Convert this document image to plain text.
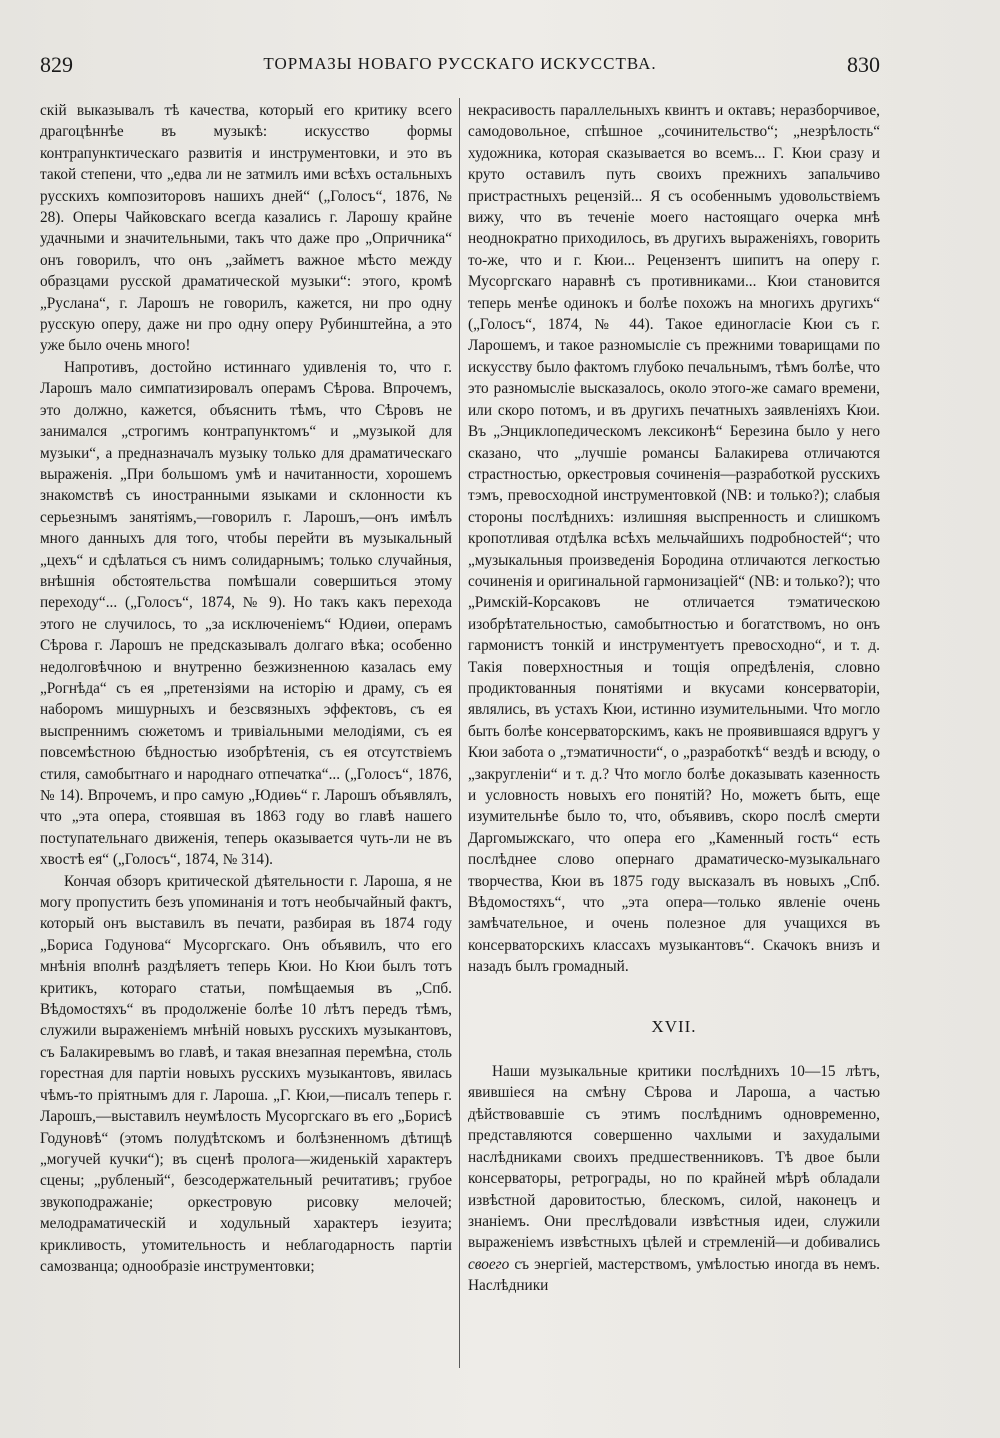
829	ТОРМАЗЫ НОВАГО РУССКАГО ИСКУССТВА.	830

скій выказывалъ тѣ качества, который его критику всего драгоцѣннѣе въ музыкѣ: искусство формы контрапунктическаго развитія и инструментовки, и это въ такой степени, что „едва ли не затмилъ ими всѣхъ остальныхъ русскихъ композиторовъ нашихъ дней“ („Голосъ“, 1876, № 28). Оперы Чайковскаго всегда казались г. Ларошу крайне удачными и значительными, такъ что даже про „Опричника“ онъ говорилъ, что онъ „займетъ важное мѣсто между образцами русской драматической музыки“: этого, кромѣ „Руслана“, г. Ларошъ не говорилъ, кажется, ни про одну русскую оперу, даже ни про одну оперу Рубинштейна, а это уже было очень много!

Напротивъ, достойно истиннаго удивленія то, что г. Ларошъ мало симпатизировалъ операмъ Сѣрова. Впрочемъ, это должно, кажется, объяснить тѣмъ, что Сѣровъ не занимался „строгимъ контрапунктомъ“ и „музыкой для музыки“, а предназначалъ музыку только для драматическаго выраженія. „При большомъ умѣ и начитанности, хорошемъ знакомствѣ съ иностранными языками и склонности къ серьезнымъ занятіямъ,—говорилъ г. Ларошъ,—онъ имѣлъ много данныхъ для того, чтобы перейти въ музыкальный „цехъ“ и сдѣлаться съ нимъ солидарнымъ; только случайныя, внѣшнія обстоятельства помѣшали совершиться этому переходу“... („Голосъ“, 1874, № 9). Но такъ какъ перехода этого не случилось, то „за исключеніемъ“ Юдиѳи, операмъ Сѣрова г. Ларошъ не предсказывалъ долгаго вѣка; особенно недолговѣчною и внутренно безжизненною казалась ему „Рогнѣда“ съ ея „претензіями на исторію и драму, съ ея наборомъ мишурныхъ и безсвязныхъ эффектовъ, съ ея выспреннимъ сюжетомъ и тривіальными мелодіями, съ ея повсемѣстною бѣдностью изобрѣтенія, съ ея отсутствіемъ стиля, самобытнаго и народнаго отпечатка“... („Голосъ“, 1876, № 14). Впрочемъ, и про самую „Юдиѳь“ г. Ларошъ объявлялъ, что „эта опера, стоявшая въ 1863 году во главѣ нашего поступательнаго движенія, теперь оказывается чуть-ли не въ хвостѣ ея“ („Голосъ“, 1874, № 314).

Кончая обзоръ критической дѣятельности г. Лароша, я не могу пропустить безъ упоминанія и тотъ необычайный фактъ, который онъ выставилъ въ печати, разбирая въ 1874 году „Бориса Годунова“ Мусоргскаго. Онъ объявилъ, что его мнѣнія вполнѣ раздѣляетъ теперь Кюи. Но Кюи былъ тотъ критикъ, котораго статьи, помѣщаемыя въ „Спб. Вѣдомостяхъ“ въ продолженіе болѣе 10 лѣтъ передъ тѣмъ, служили выраженіемъ мнѣній новыхъ русскихъ музыкантовъ, съ Балакиревымъ во главѣ, и такая внезапная перемѣна, столь горестная для партіи новыхъ русскихъ музыкантовъ, явилась чѣмъ-то пріятнымъ для г. Лароша. „Г. Кюи,—писалъ теперь г. Ларошъ,—выставилъ неумѣлость Мусоргскаго въ его „Борисѣ Годуновѣ“ (этомъ полудѣтскомъ и болѣзненномъ дѣтищѣ „могучей кучки“); въ сценѣ пролога—жиденькій характеръ сцены; „рубленый“, безсодержательный речитативъ; грубое звукоподражаніе; оркестровую рисовку мелочей; мелодраматическій и ходульный характеръ іезуита; крикливость, утомительность и неблагодарность партіи самозванца; однообразіе инструментовки;

некрасивость параллельныхъ квинтъ и октавъ; неразборчивое, самодовольное, спѣшное „сочинительство“; „незрѣлость“ художника, которая сказывается во всемъ... Г. Кюи сразу и круто оставилъ путь своихъ прежнихъ запальчиво пристрастныхъ рецензій... Я съ особеннымъ удовольствіемъ вижу, что въ теченіе моего настоящаго очерка мнѣ неоднократно приходилось, въ другихъ выраженіяхъ, говорить то-же, что и г. Кюи... Рецензентъ шипитъ на оперу г. Мусоргскаго наравнѣ съ противниками... Кюи становится теперь менѣе одинокъ и болѣе похожъ на многихъ другихъ“ („Голосъ“, 1874, № 44). Такое единогласіе Кюи съ г. Ларошемъ, и такое разномысліе съ прежними товарищами по искусству было фактомъ глубоко печальнымъ, тѣмъ болѣе, что это разномысліе высказалось, около этого-же самаго времени, или скоро потомъ, и въ другихъ печатныхъ заявленіяхъ Кюи. Въ „Энциклопедическомъ лексиконѣ“ Березина было у него сказано, что „лучшіе романсы Балакирева отличаются страстностью, оркестровыя сочиненія—разработкой русскихъ тэмъ, превосходной инструментовкой (NB: и только?); слабыя стороны послѣднихъ: излишняя выспренность и слишкомъ кропотливая отдѣлка всѣхъ мельчайшихъ подробностей“; что „музыкальныя произведенія Бородина отличаются легкостью сочиненія и оригинальной гармонизаціей“ (NB: и только?); что „Римскій-Корсаковъ не отличается тэматическою изобрѣтательностью, самобытностью и богатствомъ, но онъ гармонистъ тонкій и инструментуетъ превосходно“, и т. д. Такія поверхностныя и тощія опредѣленія, словно продиктованныя понятіями и вкусами консерваторіи, являлись, въ устахъ Кюи, истинно изумительными. Что могло быть болѣе консерваторскимъ, какъ не проявившаяся вдругъ у Кюи забота о „тэматичности“, о „разработкѣ“ вездѣ и всюду, о „закругленіи“ и т. д.? Что могло болѣе доказывать казенность и условность новыхъ его понятій? Но, можетъ быть, еще изумительнѣе было то, что, объявивъ, скоро послѣ смерти Даргомыжскаго, что опера его „Каменный гость“ есть послѣднее слово опернаго драматическо-музыкальнаго творчества, Кюи въ 1875 году высказалъ въ новыхъ „Спб. Вѣдомостяхъ“, что „эта опера—только явленіе очень замѣчательное, и очень полезное для учащихся въ консерваторскихъ классахъ музыкантовъ“. Скачокъ внизъ и назадъ былъ громадный.

XVII.

Наши музыкальные критики послѣднихъ 10—15 лѣтъ, явившіеся на смѣну Сѣрова и Лароша, а частью дѣйствовавшіе съ этимъ послѣднимъ одновременно, представляются совершенно чахлыми и захудалыми наслѣдниками своихъ предшественниковъ. Тѣ двое были консерваторы, ретрограды, но по крайней мѣрѣ обладали извѣстной даровитостью, блескомъ, силой, наконецъ и знаніемъ. Они преслѣдовали извѣстныя идеи, служили выраженіемъ извѣстныхъ цѣлей и стремленій—и добивались своего съ энергіей, мастерствомъ, умѣлостью иногда въ немъ. Наслѣдники
